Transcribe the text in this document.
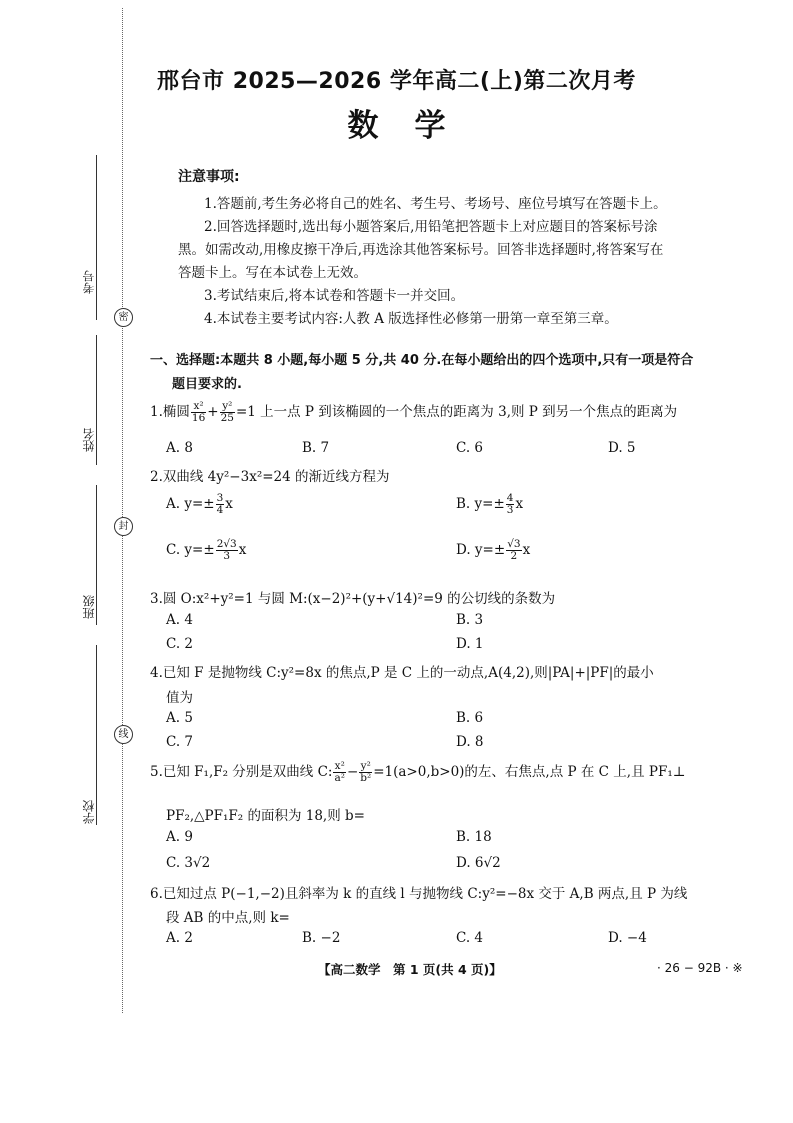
考号
密
姓名
封
班级
线
学校
邢台市 2025—2026 学年高二(上)第二次月考
数学
注意事项:
1.答题前,考生务必将自己的姓名、考生号、考场号、座位号填写在答题卡上。
2.回答选择题时,选出每小题答案后,用铅笔把答题卡上对应题目的答案标号涂
黑。如需改动,用橡皮擦干净后,再选涂其他答案标号。回答非选择题时,将答案写在
答题卡上。写在本试卷上无效。
3.考试结束后,将本试卷和答题卡一并交回。
4.本试卷主要考试内容:人教 A 版选择性必修第一册第一章至第三章。
一、选择题:本题共 8 小题,每小题 5 分,共 40 分.在每小题给出的四个选项中,只有一项是符合
题目要求的.
1.椭圆 $\frac{\text{x²}}{16} + \frac{\text{y²}}{25} =1$ 上一点 P 到该椭圆的一个焦点的距离为 3,则 P 到另一个焦点的距离为
A. 8	B. 7	C. 6	D. 5
2.双曲线 4y²−3x²=24 的渐近线方程为
A. $y=\pm \frac{3}{4}$ x	B. $y=\pm \frac{4}{3}$ x
C. $y=\pm \frac{2√3}{3}$ x	D. $y=\pm \frac{√3}{2}$ x
3.圆 O:x²+y²=1 与圆 M:(x−2)²+(y+√14)²=9 的公切线的条数为
A. 4	B. 3
C. 2	D. 1
4.已知 F 是抛物线 C:y²=8x 的焦点,P 是 C 上的一动点,A(4,2),则|PA|+|PF|的最小
值为
A. 5	B. 6
C. 7	D. 8
5.已知 F₁,F₂ 分别是双曲线 C: $\frac{\text{x²}}{\text{a²}} - \frac{\text{y²}}{\text{b²}} =1(a>0,b>0)$的左、右焦点,点 P 在 C 上,且 PF₁⊥
PF₂,△PF₁F₂ 的面积为 18,则 b=
A. 9	B. 18
C. 3√2	D. 6√2
6.已知过点 P(−1,−2)且斜率为 k 的直线 l 与抛物线 C:y²=−8x 交于 A,B 两点,且 P 为线
段 AB 的中点,则 k=
A. 2	B. −2	C. 4	D. −4
【高二数学　第 1 页(共 4 页)】	· 26 − 92B · ※
